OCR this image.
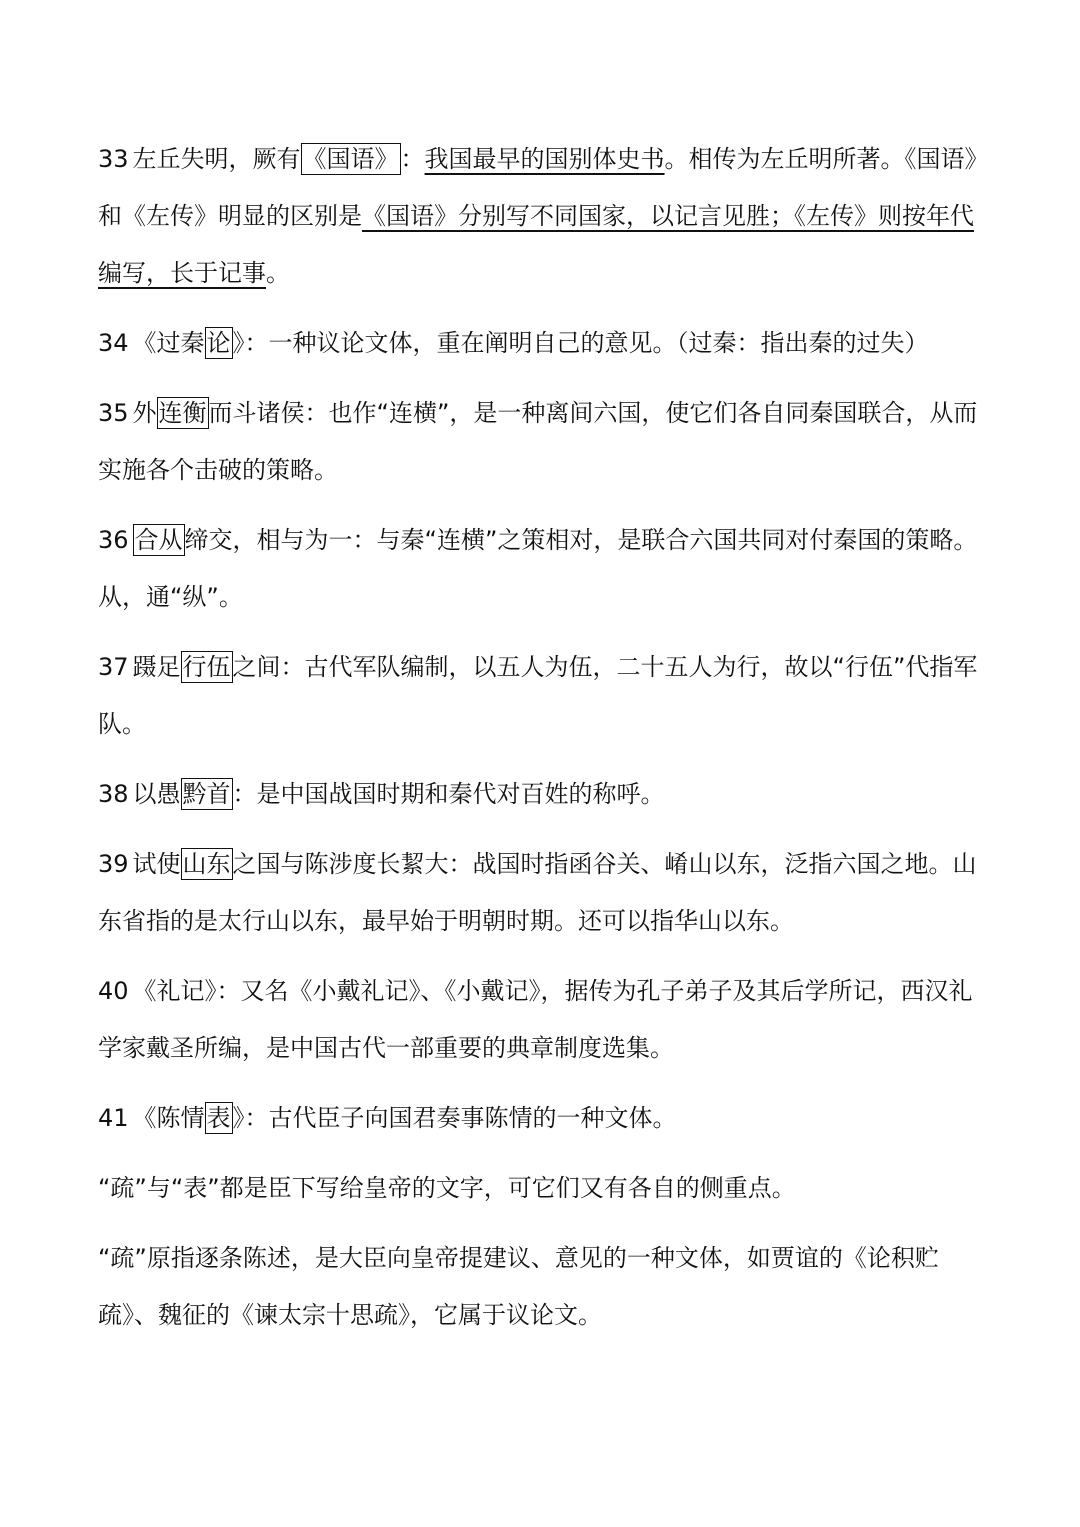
33 左丘失明，厥有《国语》：我国最早的国别体史书。相传为左丘明所著。《国语》和《左传》明显的区别是《国语》分别写不同国家，以记言见胜；《左传》则按年代编写，长于记事。

34 《过秦论》：一种议论文体，重在阐明自己的意见。（过秦：指出秦的过失）

35 外连衡而斗诸侯：也作“连横”，是一种离间六国，使它们各自同秦国联合，从而实施各个击破的策略。

36 合从缔交，相与为一：与秦“连横”之策相对，是联合六国共同对付秦国的策略。从，通“纵”。

37 蹑足行伍之间：古代军队编制，以五人为伍，二十五人为行，故以“行伍”代指军队。

38 以愚黔首：是中国战国时期和秦代对百姓的称呼。

39 试使山东之国与陈涉度长絜大：战国时指函谷关、崤山以东，泛指六国之地。山东省指的是太行山以东，最早始于明朝时期。还可以指华山以东。

40 《礼记》：又名《小戴礼记》、《小戴记》，据传为孔子弟子及其后学所记，西汉礼学家戴圣所编，是中国古代一部重要的典章制度选集。

41 《陈情表》：古代臣子向国君奏事陈情的一种文体。

“疏”与“表”都是臣下写给皇帝的文字，可它们又有各自的侧重点。

“疏”原指逐条陈述，是大臣向皇帝提建议、意见的一种文体，如贾谊的《论积贮疏》、魏征的《谏太宗十思疏》，它属于议论文。
